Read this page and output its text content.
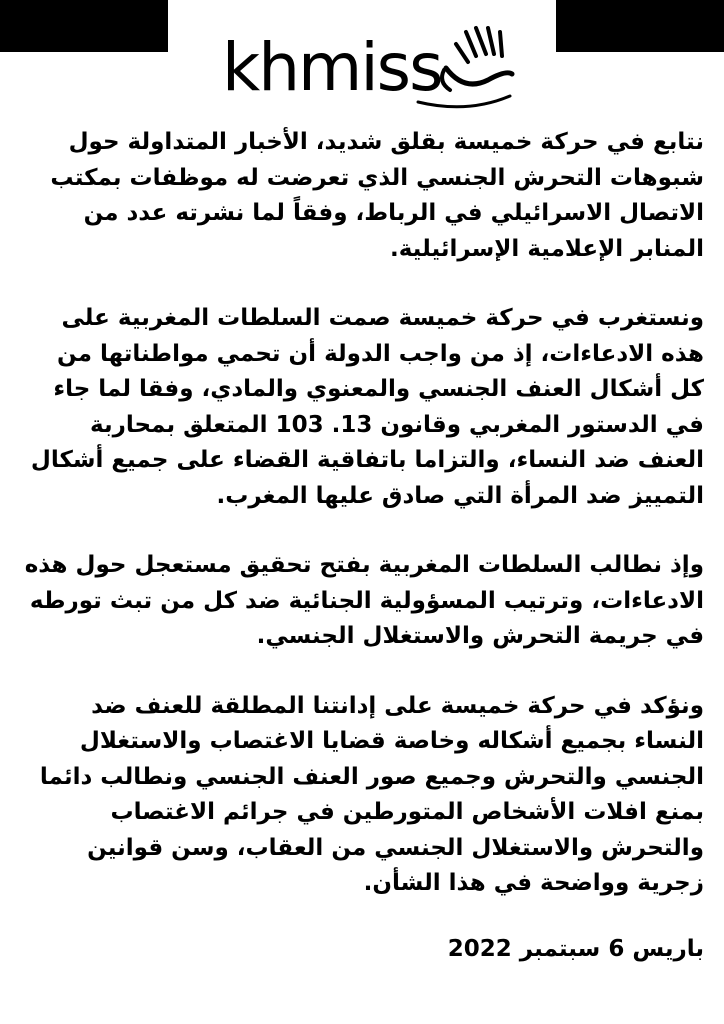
khmiss

نتابع في حركة خميسة بقلق شديد، الأخبار المتداولة حول شبوهات التحرش الجنسي الذي تعرضت له موظفات بمكتب الاتصال الاسرائيلي في الرباط، وفقاً لما نشرته عدد من المنابر الإعلامية الإسرائيلية.

ونستغرب في حركة خميسة صمت السلطات المغربية على هذه الادعاءات، إذ من واجب الدولة أن تحمي مواطناتها من كل أشكال العنف الجنسي والمعنوي والمادي، وفقا لما جاء في الدستور المغربي وقانون 13. 103 المتعلق بمحاربة العنف ضد النساء، والتزاما باتفاقية القضاء على جميع أشكال التمييز ضد المرأة التي صادق عليها المغرب.

وإذ نطالب السلطات المغربية بفتح تحقيق مستعجل حول هذه الادعاءات، وترتيب المسؤولية الجنائية ضد كل من تبث تورطه في جريمة التحرش والاستغلال الجنسي.

ونؤكد في حركة خميسة على إدانتنا المطلقة للعنف ضد النساء بجميع أشكاله وخاصة قضايا الاغتصاب والاستغلال الجنسي والتحرش وجميع صور العنف الجنسي ونطالب دائما بمنع افلات الأشخاص المتورطين في جرائم الاغتصاب والتحرش والاستغلال الجنسي من العقاب، وسن قوانين زجرية وواضحة في هذا الشأن.

باريس 6 سبتمبر 2022
